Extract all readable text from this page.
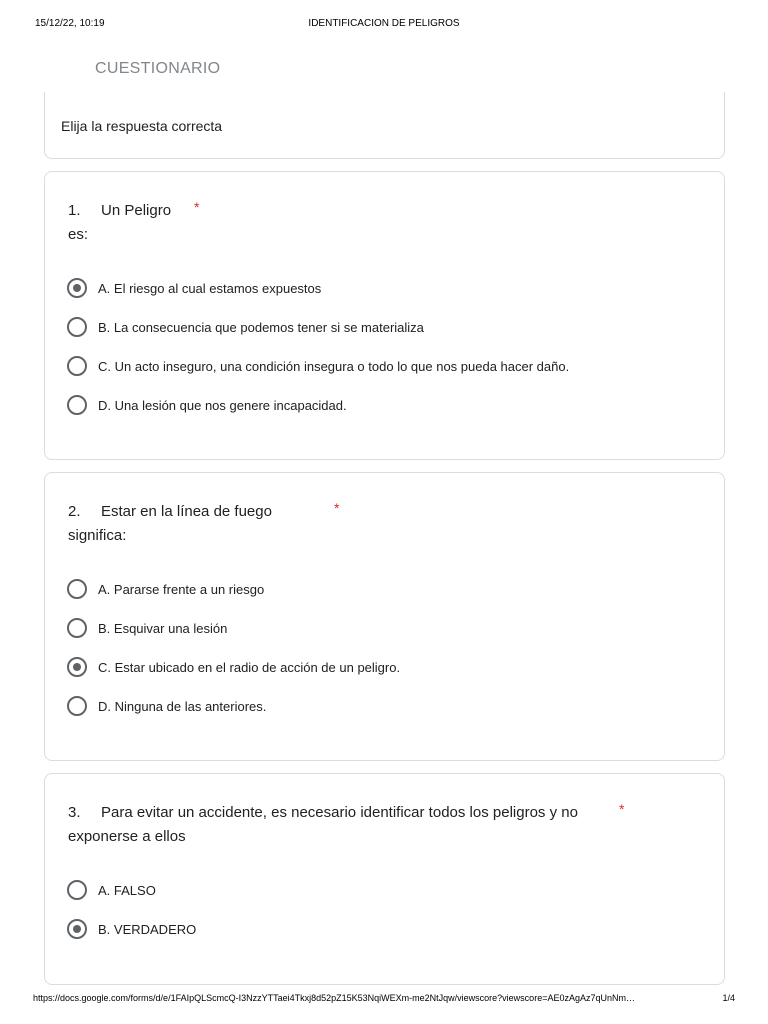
15/12/22, 10:19	IDENTIFICACION DE PELIGROS
CUESTIONARIO
Elija la respuesta correcta
1. Un Peligro
es:
*
A. El riesgo al cual estamos expuestos
B. La consecuencia que podemos tener si se materializa
C. Un acto inseguro, una condición insegura o todo lo que nos pueda hacer daño.
D. Una lesión que nos genere incapacidad.
2. Estar en la línea de fuego
significa:
*
A. Pararse frente a un riesgo
B. Esquivar una lesión
C. Estar ubicado en el radio de acción de un peligro.
D. Ninguna de las anteriores.
3. Para evitar un accidente, es necesario identificar todos los peligros y no
exponerse a ellos
*
A. FALSO
B. VERDADERO
https://docs.google.com/forms/d/e/1FAIpQLScmcQ-I3NzzYTTaei4Tkxj8d52pZ15K53NqiWEXm-me2NtJqw/viewscore?viewscore=AE0zAgAz7qUnNm…	1/4
